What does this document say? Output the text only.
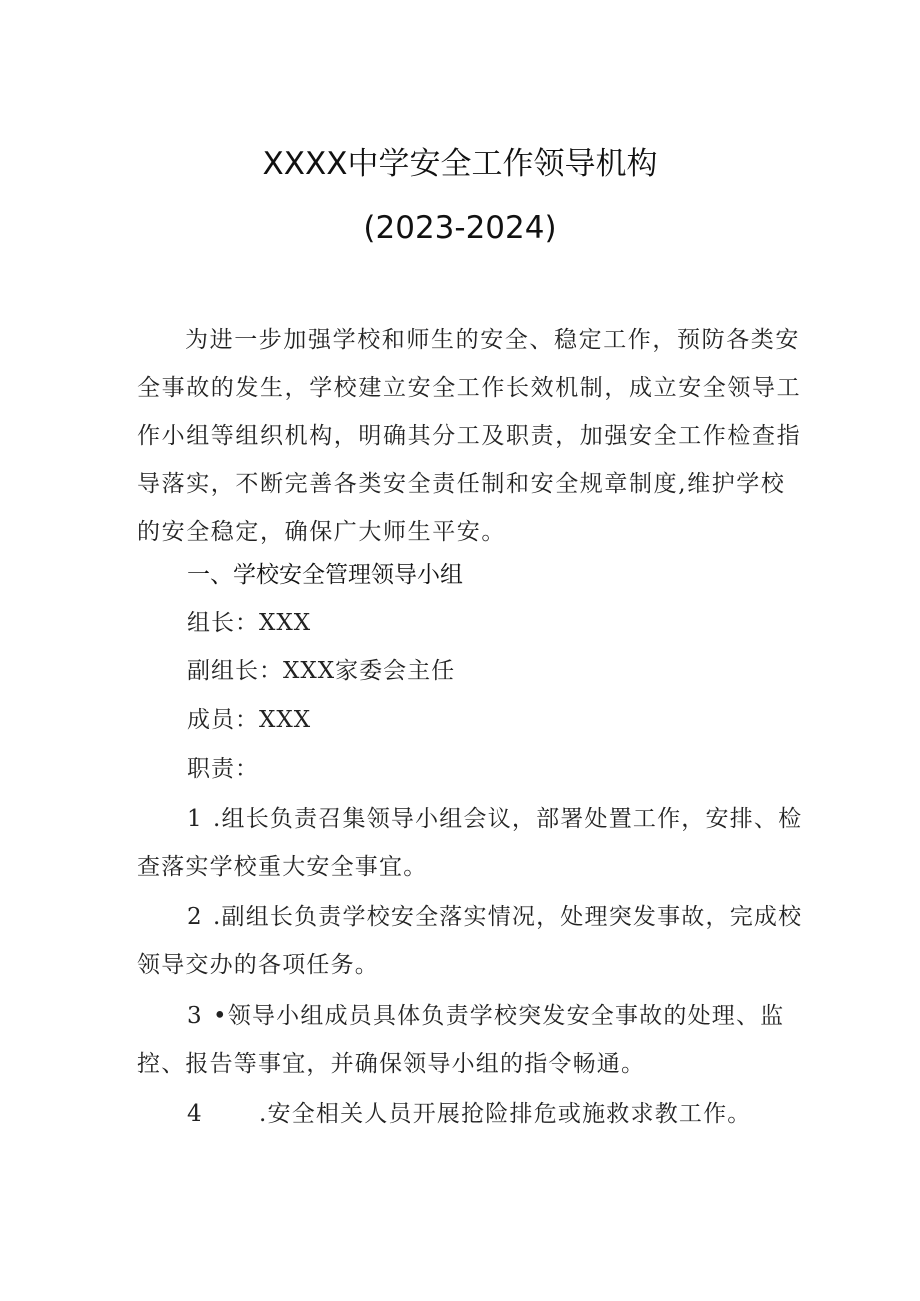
XXXX中学安全工作领导机构
(2023-2024)
为进一步加强学校和师生的安全、稳定工作，预防各类安全事故的发生，学校建立安全工作长效机制，成立安全领导工作小组等组织机构，明确其分工及职责，加强安全工作检查指导落实，不断完善各类安全责任制和安全规章制度,维护学校的安全稳定，确保广大师生平安。
一、学校安全管理领导小组
组长：XXX
副组长：XXX家委会主任
成员：XXX
职责：
1 .组长负责召集领导小组会议，部署处置工作，安排、检查落实学校重大安全事宜。
2 .副组长负责学校安全落实情况，处理突发事故，完成校领导交办的各项任务。
3 •领导小组成员具体负责学校突发安全事故的处理、监控、报告等事宜，并确保领导小组的指令畅通。
4 .安全相关人员开展抢险排危或施救求教工作。
